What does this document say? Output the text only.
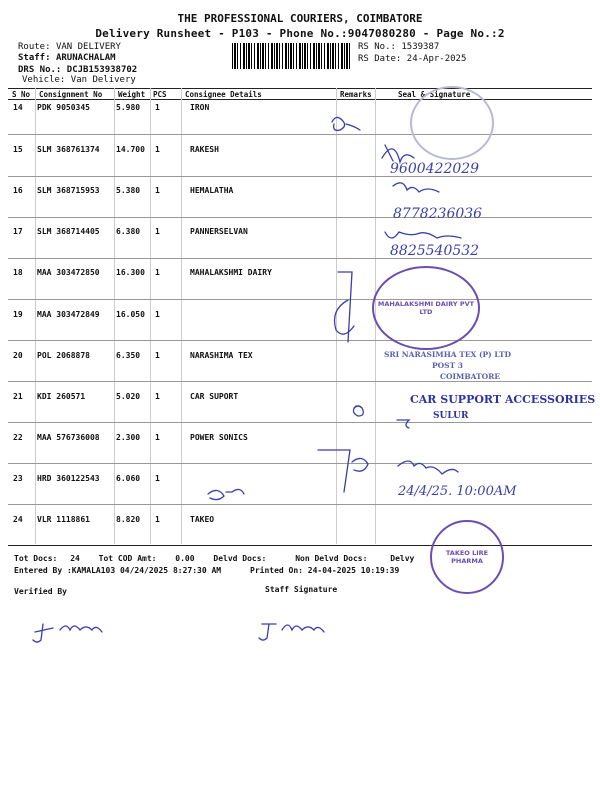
THE PROFESSIONAL COURIERS, COIMBATORE
Delivery Runsheet - P103 - Phone No.:9047080280 - Page No.:2
Route: VAN DELIVERY
Staff: ARUNACHALAM
DRS No.: DCJB153938702
Vehicle: Van Delivery
RS No.: 1539387
RS Date: 24-Apr-2025
S No Consignment No Weight PCS Consignee Details	Remarks	Seal & Signature
14 PDK 9050345	5.980 1	IRON
15 SLM 368761374 14.700 1	RAKESH
16 SLM 368715953 5.380 1	HEMALATHA
17 SLM 368714405 6.380 1	PANNERSELVAN
18 MAA 303472850 16.300 1	MAHALAKSHMI DAIRY
19 MAA 303472849 16.050 1
20 POL 2068878	6.350 1	NARASHIMA TEX
21 KDI 260571	5.020 1	CAR SUPORT
22 MAA 576736008 2.300 1	POWER SONICS
23 HRD 360122543 6.060 1
24 VLR 1118861	8.820 1	TAKEO
9600422029
8778236036
8825540532
24/4/25. 10:00AM
MAHALAKSHMI DAIRY PVT LTD
SRI NARASIMHA TEX (P) LTD
POST 3
COIMBATORE
CAR SUPPORT ACCESSORIES
SULUR
TAKEO LIRE PHARMA
Tot Docs: 24 Tot COD Amt: 0.00 Delvd Docs:	Non Delvd Docs:	Delvy
Entered By :KAMALA103 04/24/2025 8:27:30 AM	Printed On: 24-04-2025 10:19:39
Verified By	Staff Signature
